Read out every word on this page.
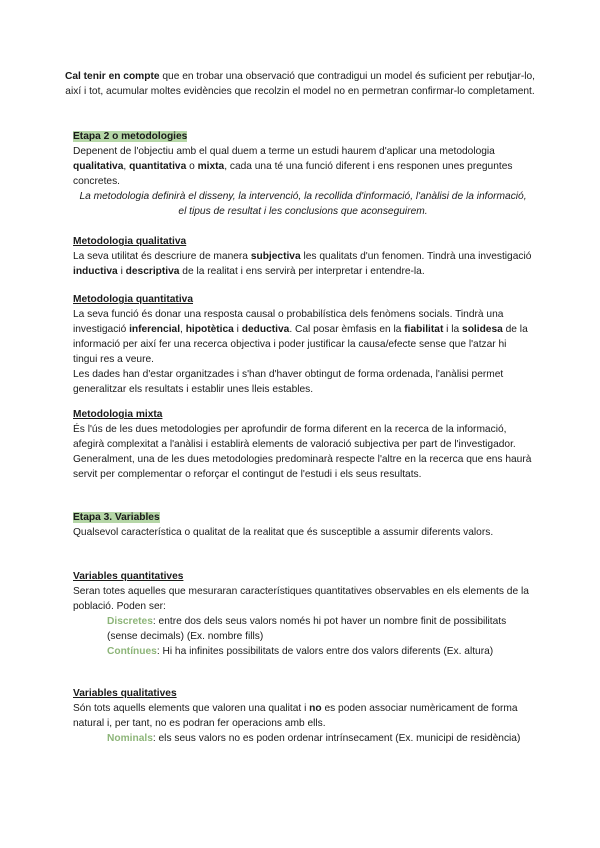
Cal tenir en compte que en trobar una observació que contradigui un model és suficient per rebutjar-lo, així i tot, acumular moltes evidències que recolzin el model no en permetran confirmar-lo completament.

Etapa 2 o metodologies

Depenent de l'objectiu amb el qual duem a terme un estudi haurem d'aplicar una metodologia qualitativa, quantitativa o mixta, cada una té una funció diferent i ens responen unes preguntes concretes.

La metodologia definirà el disseny, la intervenció, la recollida d'informació, l'anàlisi de la informació, el tipus de resultat i les conclusions que aconseguirem.
Metodologia qualitativa

La seva utilitat és descriure de manera subjectiva les qualitats d'un fenomen. Tindrà una investigació inductiva i descriptiva de la realitat i ens servirà per interpretar i entendre-la.

Metodologia quantitativa

La seva funció és donar una resposta causal o probabilística dels fenòmens socials. Tindrà una investigació inferencial, hipotètica i deductiva. Cal posar èmfasis en la fiabilitat i la solidesa de la informació per així fer una recerca objectiva i poder justificar la causa/efecte sense que l'atzar hi tingui res a veure.

Les dades han d'estar organitzades i s'han d'haver obtingut de forma ordenada, l'anàlisi permet generalitzar els resultats i establir unes lleis estables.

Metodologia mixta

És l'ús de les dues metodologies per aprofundir de forma diferent en la recerca de la informació, afegirà complexitat a l'anàlisi i establirà elements de valoració subjectiva per part de l'investigador.

Generalment, una de les dues metodologies predominarà respecte l'altre en la recerca que ens haurà servit per complementar o reforçar el contingut de l'estudi i els seus resultats.

Etapa 3. Variables

Qualsevol característica o qualitat de la realitat que és susceptible a assumir diferents valors.

Variables quantitatives

Seran totes aquelles que mesuraran característiques quantitatives observables en els elements de la població. Poden ser:

Discretes: entre dos dels seus valors només hi pot haver un nombre finit de possibilitats (sense decimals) (Ex. nombre fills)

Contínues: Hi ha infinites possibilitats de valors entre dos valors diferents (Ex. altura)

Variables qualitatives

Són tots aquells elements que valoren una qualitat i no es poden associar numèricament de forma natural i, per tant, no es podran fer operacions amb ells.

Nominals: els seus valors no es poden ordenar intrínsecament (Ex. municipi de residència)
